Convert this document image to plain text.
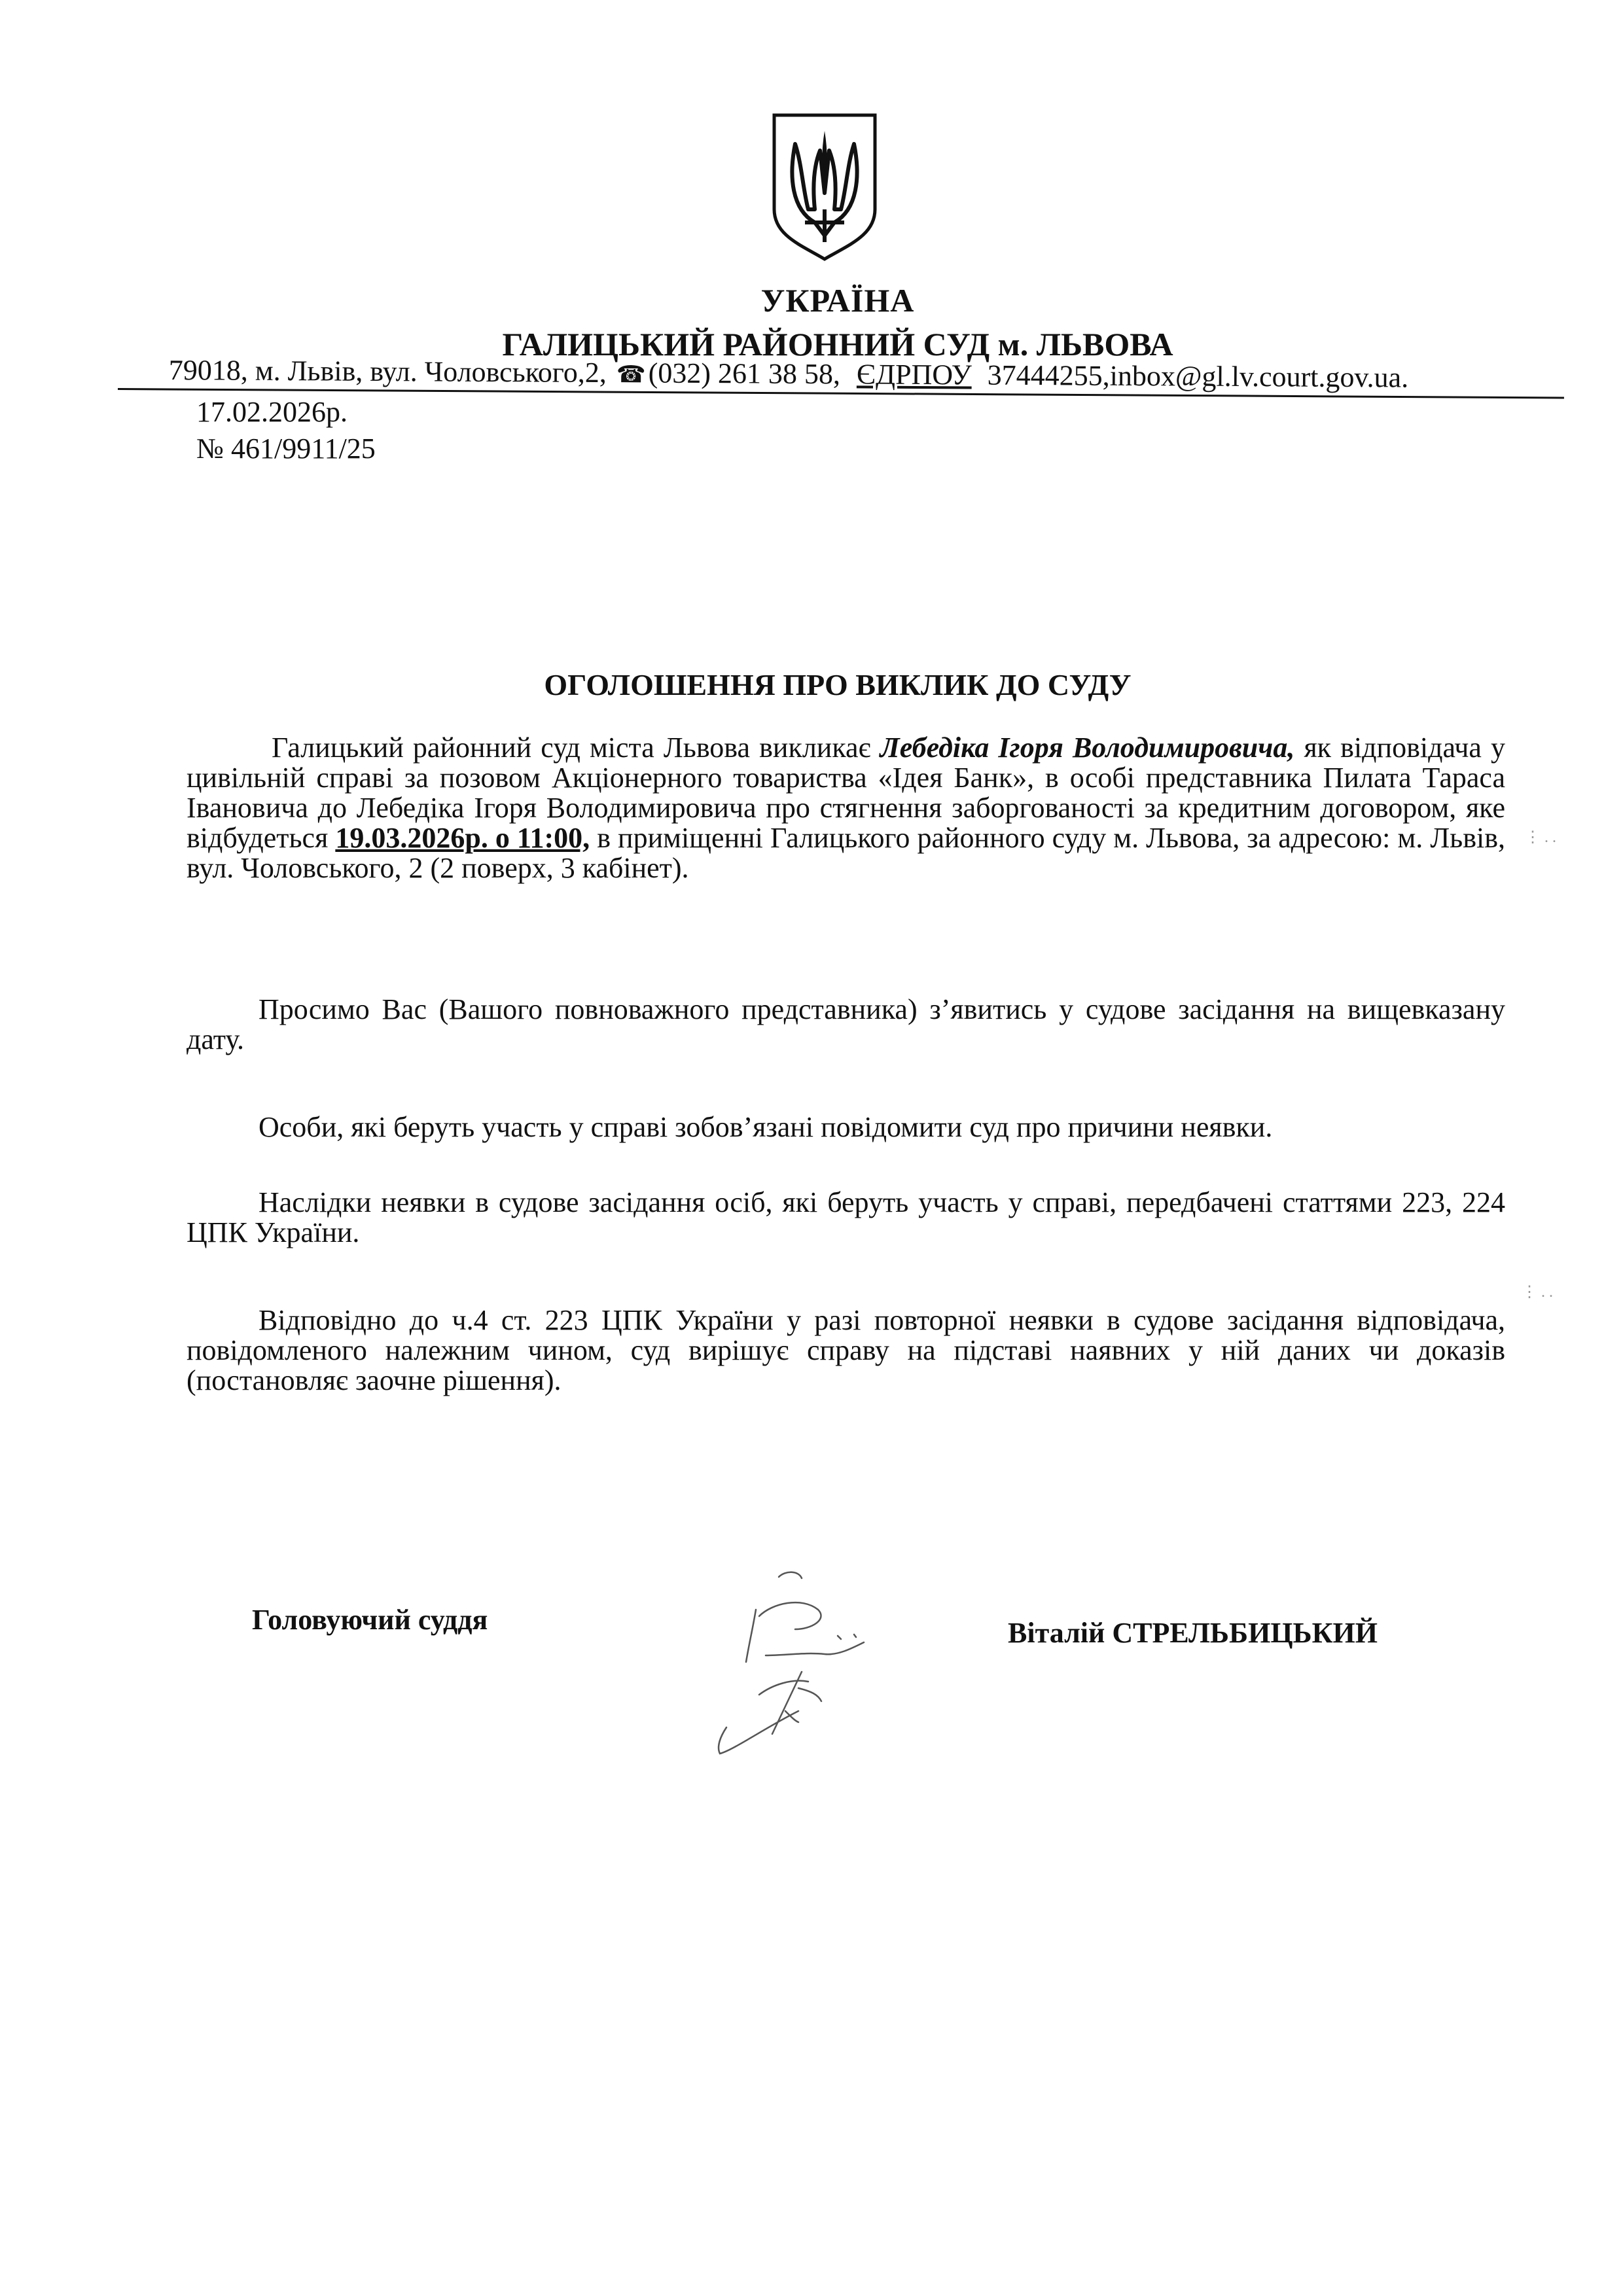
УКРАЇНА
ГАЛИЦЬКИЙ РАЙОННИЙ СУД м. ЛЬВОВА
79018, м. Львів, вул. Чоловського,2, ☎(032) 261 38 58, ЄДРПОУ 37444255,inbox@gl.lv.court.gov.ua.
17.02.2026р.
№ 461/9911/25
ОГОЛОШЕННЯ ПРО ВИКЛИК ДО СУДУ
Галицький районний суд міста Львова викликає Лебедіка Ігоря Володимировича, як відповідача у цивільній справі за позовом Акціонерного товариства «Ідея Банк», в особі представника Пилата Тараса Івановича до Лебедіка Ігоря Володимировича про стягнення заборгованості за кредитним договором, яке відбудеться 19.03.2026р. о 11:00, в приміщенні Галицького районного суду м. Львова, за адресою: м. Львів, вул. Чоловського, 2 (2 поверх, 3 кабінет).
Просимо Вас (Вашого повноважного представника) з’явитись у судове засідання на вищевказану дату.
Особи, які беруть участь у справі зобов’язані повідомити суд про причини неявки.
Наслідки неявки в судове засідання осіб, які беруть участь у справі, передбачені статтями 223, 224 ЦПК України.
Відповідно до ч.4 ст. 223 ЦПК України у разі повторної неявки в судове засідання відповідача, повідомленого належним чином, суд вирішує справу на підставі наявних у ній даних чи доказів (постановляє заочне рішення).
Головуючий суддя	Віталій СТРЕЛЬБИЦЬКИЙ
⋮ . .
⋮ . .
